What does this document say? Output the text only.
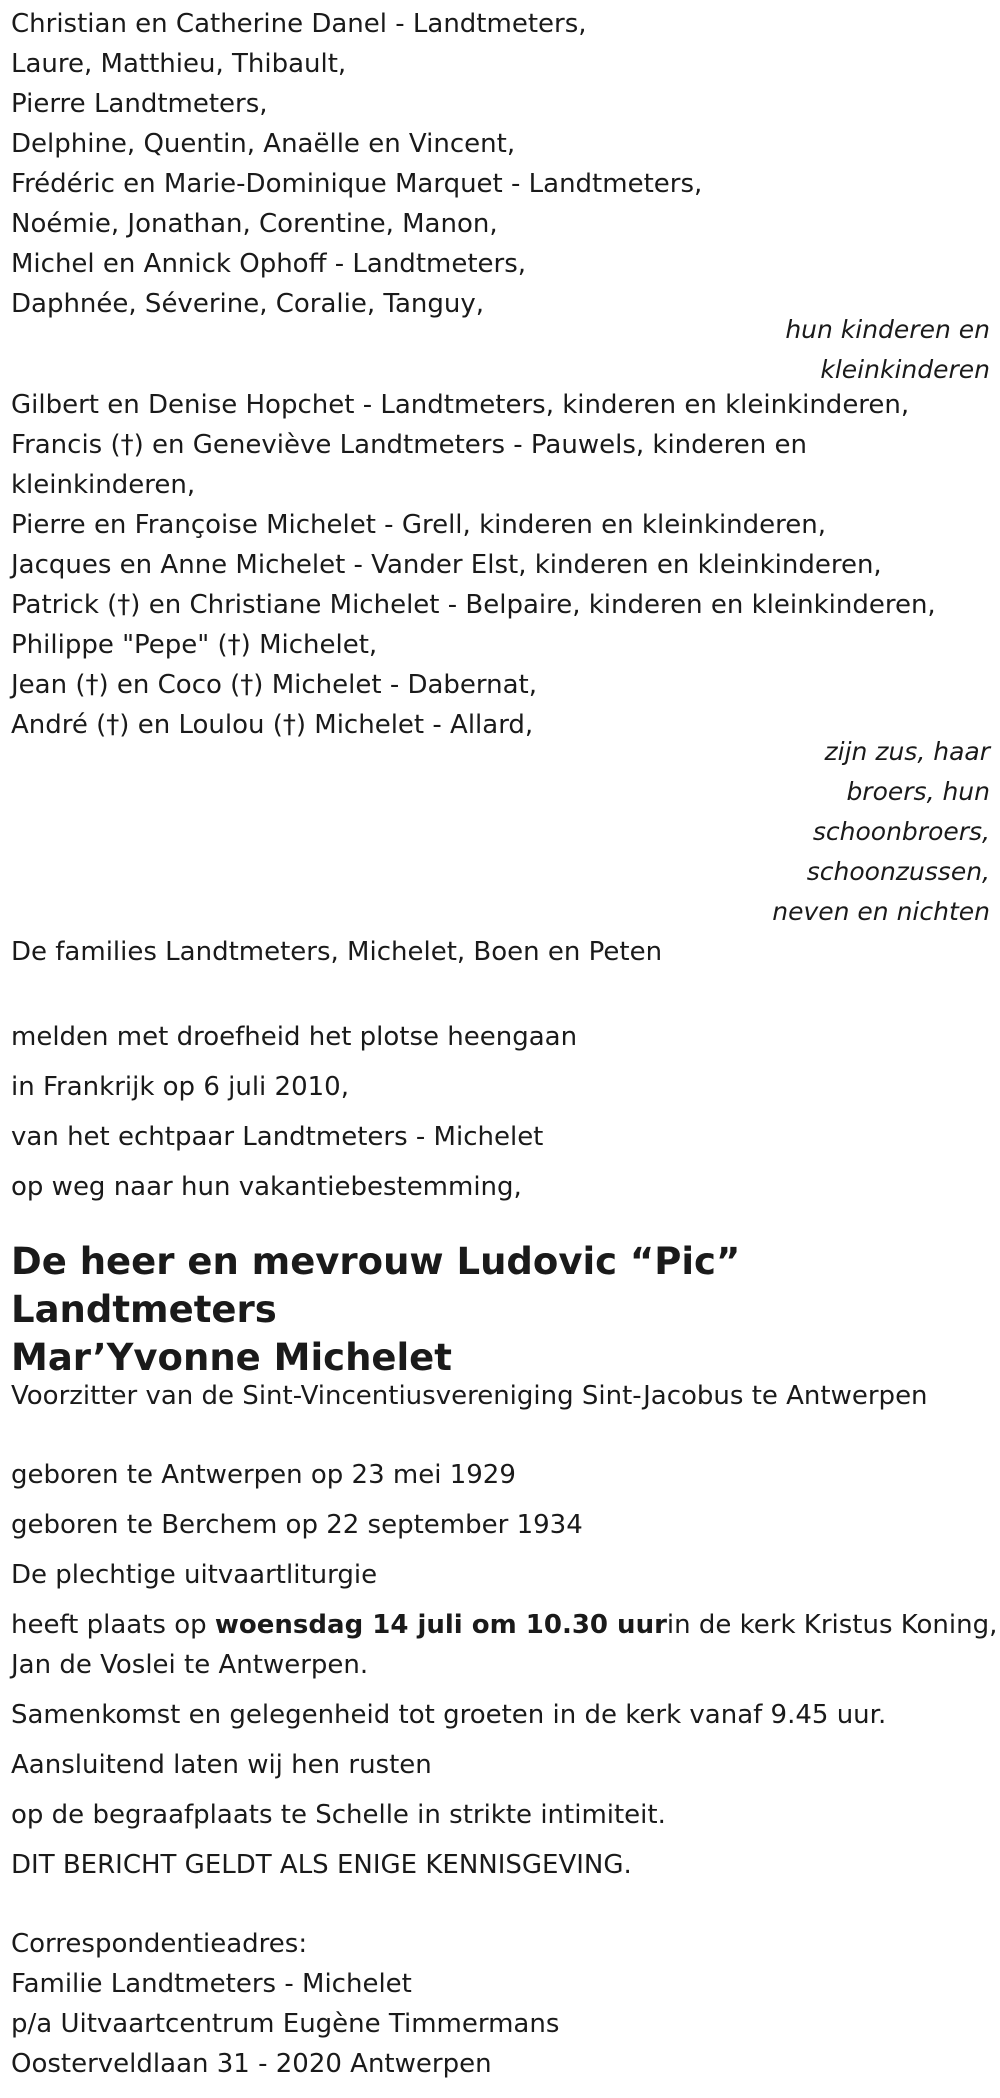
Christian en Catherine Danel - Landtmeters,
Laure, Matthieu, Thibault,
Pierre Landtmeters,
Delphine, Quentin, Anaëlle en Vincent,
Frédéric en Marie-Dominique Marquet - Landtmeters,
Noémie, Jonathan, Corentine, Manon,
Michel en Annick Ophoff - Landtmeters,
Daphnée, Séverine, Coralie, Tanguy,
hun kinderen en
kleinkinderen
Gilbert en Denise Hopchet - Landtmeters, kinderen en kleinkinderen,
Francis (†) en Geneviève Landtmeters - Pauwels, kinderen en
kleinkinderen,
Pierre en Françoise Michelet - Grell, kinderen en kleinkinderen,
Jacques en Anne Michelet - Vander Elst, kinderen en kleinkinderen,
Patrick (†) en Christiane Michelet - Belpaire, kinderen en kleinkinderen,
Philippe "Pepe" (†) Michelet,
Jean (†) en Coco (†) Michelet - Dabernat,
André (†) en Loulou (†) Michelet - Allard,
zijn zus, haar
broers, hun
schoonbroers,
schoonzussen,
neven en nichten
De families Landtmeters, Michelet, Boen en Peten
melden met droefheid het plotse heengaan
in Frankrijk op 6 juli 2010,
van het echtpaar Landtmeters - Michelet
op weg naar hun vakantiebestemming,
De heer en mevrouw Ludovic “Pic” Landtmeters
Mar’Yvonne Michelet
Voorzitter van de Sint-Vincentiusvereniging Sint-Jacobus te Antwerpen
geboren te Antwerpen op 23 mei 1929
geboren te Berchem op 22 september 1934
De plechtige uitvaartliturgie
heeft plaats op woensdag 14 juli om 10.30 uurin de kerk Kristus Koning,
Jan de Voslei te Antwerpen.
Samenkomst en gelegenheid tot groeten in de kerk vanaf 9.45 uur.
Aansluitend laten wij hen rusten
op de begraafplaats te Schelle in strikte intimiteit.
DIT BERICHT GELDT ALS ENIGE KENNISGEVING.
Correspondentieadres:
Familie Landtmeters - Michelet
p/a Uitvaartcentrum Eugène Timmermans
Oosterveldlaan 31 - 2020 Antwerpen
